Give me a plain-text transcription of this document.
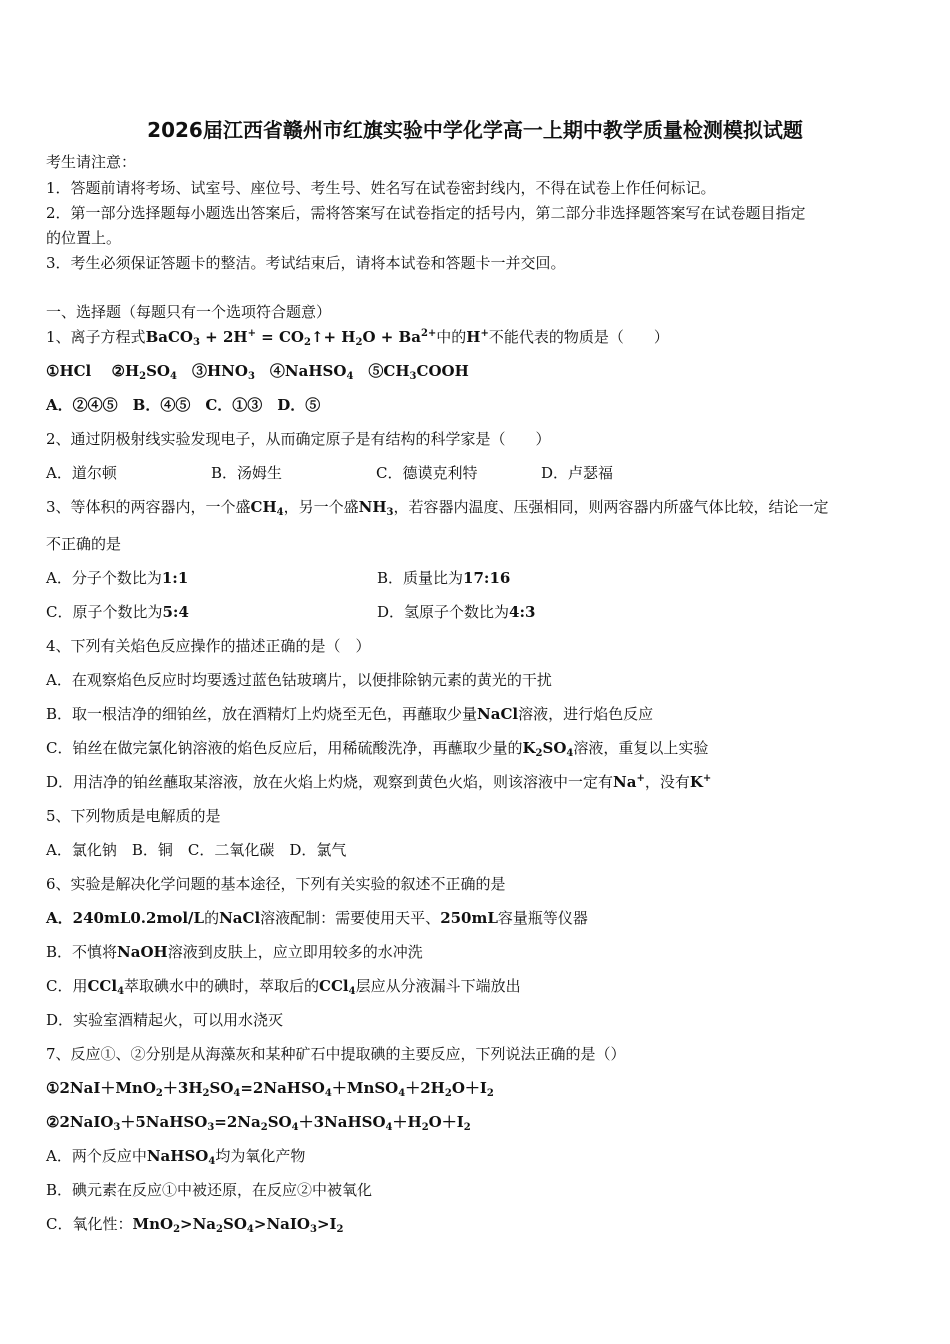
2026届江西省赣州市红旗实验中学化学高一上期中教学质量检测模拟试题
考生请注意：
1．答题前请将考场、试室号、座位号、考生号、姓名写在试卷密封线内，不得在试卷上作任何标记。
2．第一部分选择题每小题选出答案后，需将答案写在试卷指定的括号内，第二部分非选择题答案写在试卷题目指定
的位置上。
3．考生必须保证答题卡的整洁。考试结束后，请将本试卷和答题卡一并交回。
一、选择题（每题只有一个选项符合题意）
1、离子方程式BaCO$_3$ + $2H^+ = CO_2↑+ H_2O + Ba^{2+}$中的H+不能代表的物质是（　　）
①HCl　 $②H_2SO_4$　 $③HNO_3$　 ④NaHSO$_4$　 $⑤CH_3COOH$
A．②④⑤　B．④⑤　C．①③　D．⑤
2、通过阴极射线实验发现电子，从而确定原子是有结构的科学家是（　　）
A．道尔顿	B．汤姆生	C．德谟克利特	D．卢瑟福
3、等体积的两容器内，一个盛$CH_4$，另一个盛$NH_3$，若容器内温度、压强相同，则两容器内所盛气体比较，结论一定
不正确的是
A．分子个数比为1:1	B．质量比为17:16
C．原子个数比为5:4	D．氢原子个数比为4:3
4、下列有关焰色反应操作的描述正确的是（　）
A．在观察焰色反应时均要透过蓝色钴玻璃片，以便排除钠元素的黄光的干扰
B．取一根洁净的细铂丝，放在酒精灯上灼烧至无色，再蘸取少量NaCl溶液，进行焰色反应
C．铂丝在做完氯化钠溶液的焰色反应后，用稀硫酸洗净，再蘸取少量的$K_2SO_4$溶液，重复以上实验
D．用洁净的铂丝蘸取某溶液，放在火焰上灼烧，观察到黄色火焰，则该溶液中一定有Na+，没有K+
5、下列物质是电解质的是
A．氯化钠　B．铜　C．二氧化碳　D．氯气
6、实验是解决化学问题的基本途径，下列有关实验的叙述不正确的是
A．240mL0.2mol/L的NaCl溶液配制：需要使用天平、250mL容量瓶等仪器
B．不慎将NaOH溶液到皮肤上，应立即用较多的水冲洗
C．用CCl$_4$萃取碘水中的碘时，萃取后的CCl$_4$层应从分液漏斗下端放出
D．实验室酒精起火，可以用水浇灭
7、反应①、②分别是从海藻灰和某种矿石中提取碘的主要反应，下列说法正确的是（）
$①2NaI+MnO_2+3H_2SO_4=2NaHSO_4+MnSO_4+2H_2O+I_2$
$②2NaIO_3+5NaHSO_3=2Na_2SO_4+3NaHSO_4+H_2O+I_2$
A．两个反应中NaHSO$_4$均为氧化产物
B．碘元素在反应①中被还原，在反应②中被氧化
C．氧化性：$MnO_2>Na_2SO_4>NaIO_3>I_2$
